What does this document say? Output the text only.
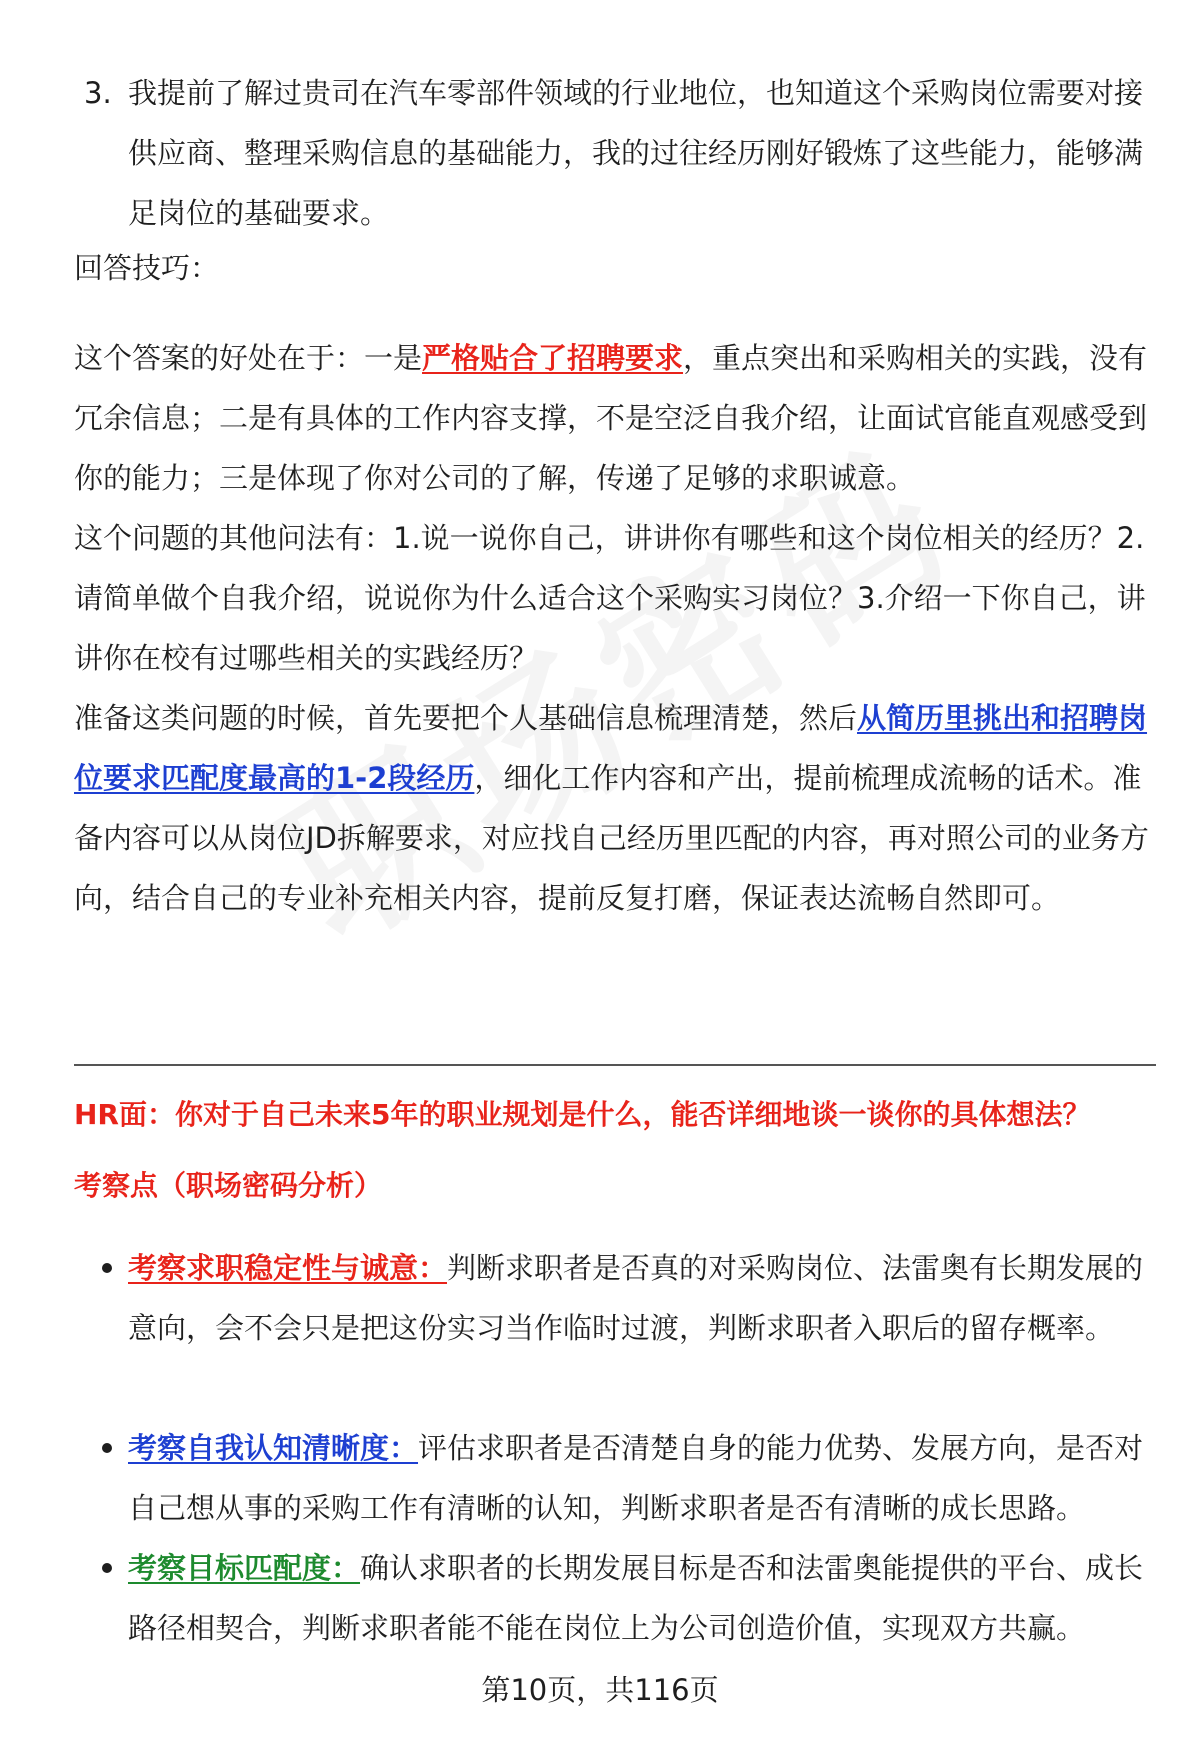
3. 我提前了解过贵司在汽车零部件领域的行业地位，也知道这个采购岗位需要对接供应商、整理采购信息的基础能力，我的过往经历刚好锻炼了这些能力，能够满足岗位的基础要求。

回答技巧：

这个答案的好处在于：一是严格贴合了招聘要求，重点突出和采购相关的实践，没有冗余信息；二是有具体的工作内容支撑，不是空泛自我介绍，让面试官能直观感受到你的能力；三是体现了你对公司的了解，传递了足够的求职诚意。

这个问题的其他问法有：1.说一说你自己，讲讲你有哪些和这个岗位相关的经历？2.请简单做个自我介绍，说说你为什么适合这个采购实习岗位？3.介绍一下你自己，讲讲你在校有过哪些相关的实践经历？

准备这类问题的时候，首先要把个人基础信息梳理清楚，然后从简历里挑出和招聘岗位要求匹配度最高的1-2段经历，细化工作内容和产出，提前梳理成流畅的话术。准备内容可以从岗位JD拆解要求，对应找自己经历里匹配的内容，再对照公司的业务方向，结合自己的专业补充相关内容，提前反复打磨，保证表达流畅自然即可。

HR面：你对于自己未来5年的职业规划是什么，能否详细地谈一谈你的具体想法？
考察点（职场密码分析）
考察求职稳定性与诚意：判断求职者是否真的对采购岗位、法雷奥有长期发展的意向，会不会只是把这份实习当作临时过渡，判断求职者入职后的留存概率。
考察自我认知清晰度：评估求职者是否清楚自身的能力优势、发展方向，是否对自己想从事的采购工作有清晰的认知，判断求职者是否有清晰的成长思路。
考察目标匹配度：确认求职者的长期发展目标是否和法雷奥能提供的平台、成长路径相契合，判断求职者能不能在岗位上为公司创造价值，实现双方共赢。
第10页，共116页
